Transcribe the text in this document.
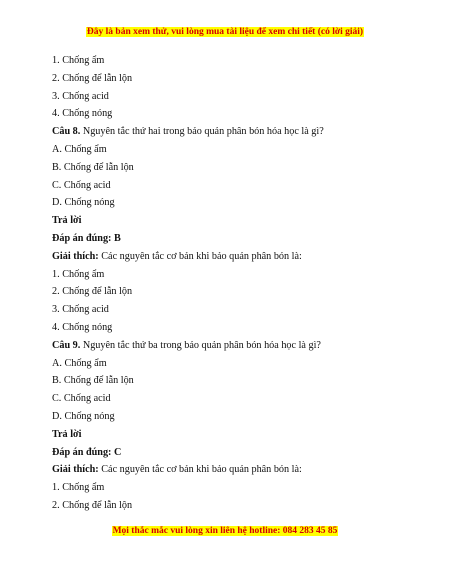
Đây là bản xem thử, vui lòng mua tài liệu để xem chi tiết (có lời giải)
1. Chống ẩm
2. Chống để lẫn lộn
3. Chống acid
4. Chống nóng
Câu 8. Nguyên tắc thứ hai trong bảo quản phân bón hóa học là gì?
A. Chống ẩm
B. Chống để lẫn lộn
C. Chống acid
D. Chống nóng
Trả lời
Đáp án đúng: B
Giải thích: Các nguyên tắc cơ bản khi bảo quản phân bón là:
1. Chống ẩm
2. Chống để lẫn lộn
3. Chống acid
4. Chống nóng
Câu 9. Nguyên tắc thứ ba trong bảo quản phân bón hóa học là gì?
A. Chống ẩm
B. Chống để lẫn lộn
C. Chống acid
D. Chống nóng
Trả lời
Đáp án đúng: C
Giải thích: Các nguyên tắc cơ bản khi bảo quản phân bón là:
1. Chống ẩm
2. Chống để lẫn lộn
Mọi thắc mắc vui lòng xin liên hệ hotline: 084 283 45 85
